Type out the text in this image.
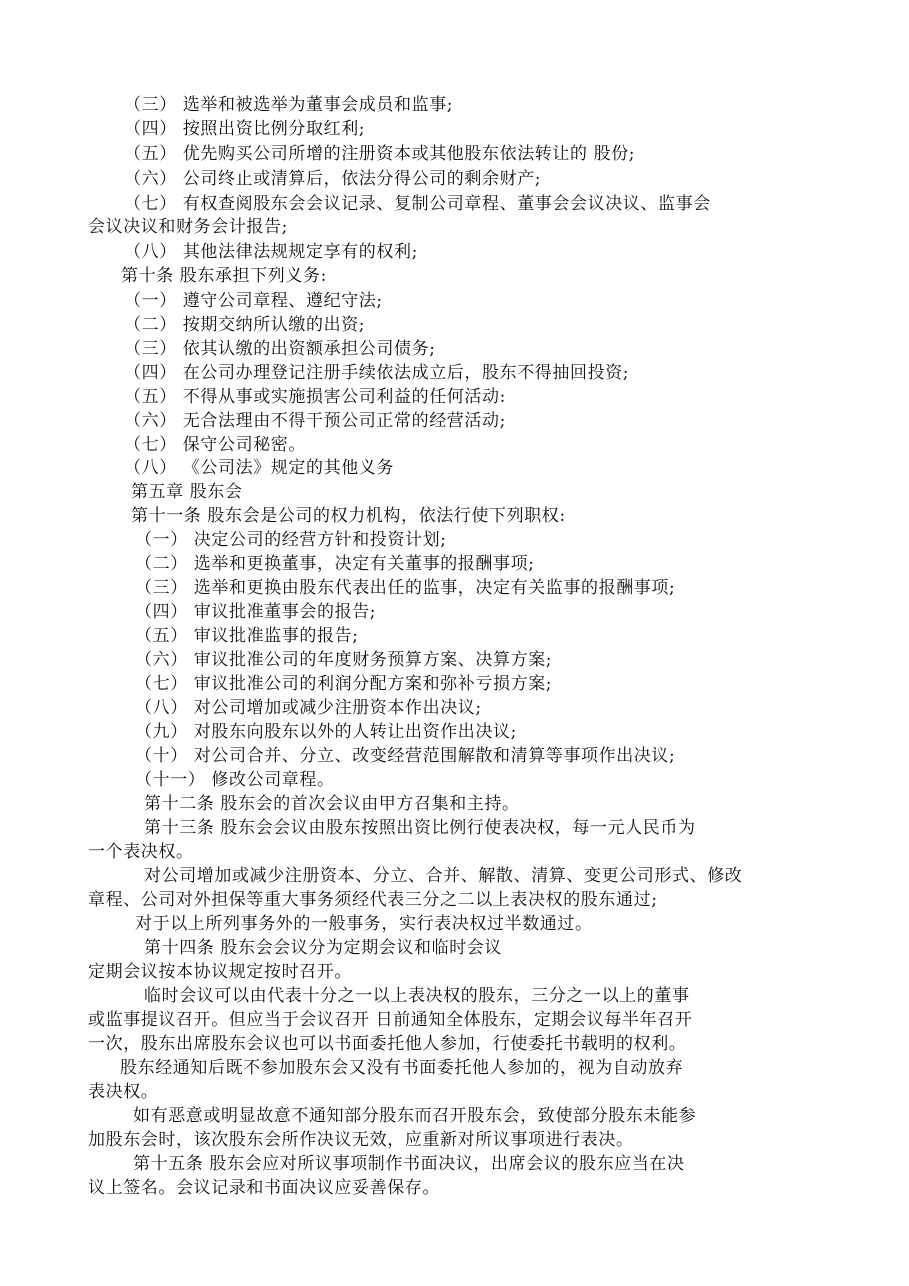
（三） 选举和被选举为董事会成员和监事;
（四） 按照出资比例分取红利;
（五） 优先购买公司所增的注册资本或其他股东依法转让的 股份;
（六） 公司终止或清算后，依法分得公司的剩余财产;
（七） 有权查阅股东会会议记录、复制公司章程、董事会会议决议、监事会
会议决议和财务会计报告;
（八） 其他法律法规规定享有的权利;
第十条 股东承担下列义务:
（一） 遵守公司章程、遵纪守法;
（二） 按期交纳所认缴的出资;
（三） 依其认缴的出资额承担公司债务;
（四） 在公司办理登记注册手续依法成立后，股东不得抽回投资;
（五） 不得从事或实施损害公司利益的任何活动:
（六） 无合法理由不得干预公司正常的经营活动;
（七） 保守公司秘密。
（八） 《公司法》规定的其他义务
第五章 股东会
第十一条 股东会是公司的权力机构，依法行使下列职权:
（一） 决定公司的经营方针和投资计划;
（二） 选举和更换董事，决定有关董事的报酬事项;
（三） 选举和更换由股东代表出任的监事，决定有关监事的报酬事项;
（四） 审议批准董事会的报告;
（五） 审议批准监事的报告;
（六） 审议批准公司的年度财务预算方案、决算方案;
（七） 审议批准公司的利润分配方案和弥补亏损方案;
（八） 对公司增加或减少注册资本作出决议;
（九） 对股东向股东以外的人转让出资作出决议;
（十） 对公司合并、分立、改变经营范围解散和清算等事项作出决议;
（十一） 修改公司章程。
第十二条 股东会的首次会议由甲方召集和主持。
第十三条 股东会会议由股东按照出资比例行使表决权，每一元人民币为
一个表决权。
对公司增加或减少注册资本、分立、合并、解散、清算、变更公司形式、修改
章程、公司对外担保等重大事务须经代表三分之二以上表决权的股东通过;
对于以上所列事务外的一般事务，实行表决权过半数通过。
第十四条 股东会会议分为定期会议和临时会议
定期会议按本协议规定按时召开。
临时会议可以由代表十分之一以上表决权的股东，三分之一以上的董事
或监事提议召开。但应当于会议召开 日前通知全体股东，定期会议每半年召开
一次，股东出席股东会议也可以书面委托他人参加，行使委托书载明的权利。
股东经通知后既不参加股东会又没有书面委托他人参加的，视为自动放弃
表决权。
如有恶意或明显故意不通知部分股东而召开股东会，致使部分股东未能参
加股东会时，该次股东会所作决议无效，应重新对所议事项进行表决。
第十五条 股东会应对所议事项制作书面决议，出席会议的股东应当在决
议上签名。会议记录和书面决议应妥善保存。
